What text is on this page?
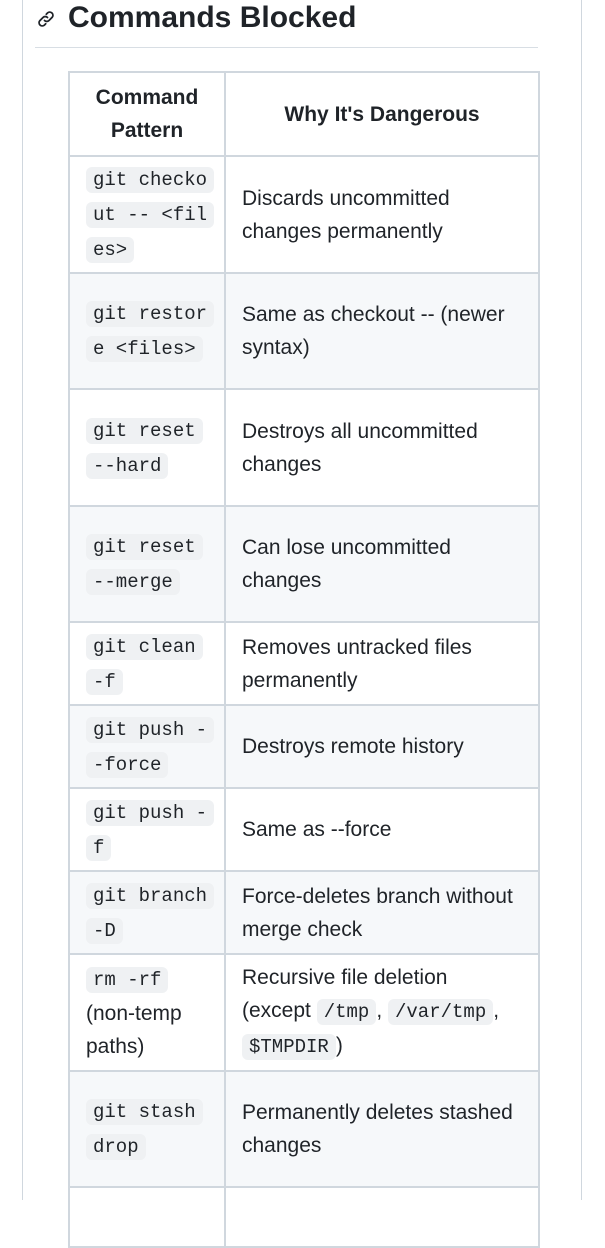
Commands Blocked
Command Pattern	Why It's Dangerous
git checkout -- <files>	Discards uncommitted changes permanently
git restore <files>	Same as checkout -- (newer syntax)
git reset --hard	Destroys all uncommitted changes
git reset --merge	Can lose uncommitted changes
git clean -f	Removes untracked files permanently
git push --force	Destroys remote history
git push -f	Same as --force
git branch -D	Force-deletes branch without merge check
rm -rf (non-temp paths)	Recursive file deletion (except /tmp , /var/tmp , $TMPDIR )
git stash drop	Permanently deletes stashed changes
